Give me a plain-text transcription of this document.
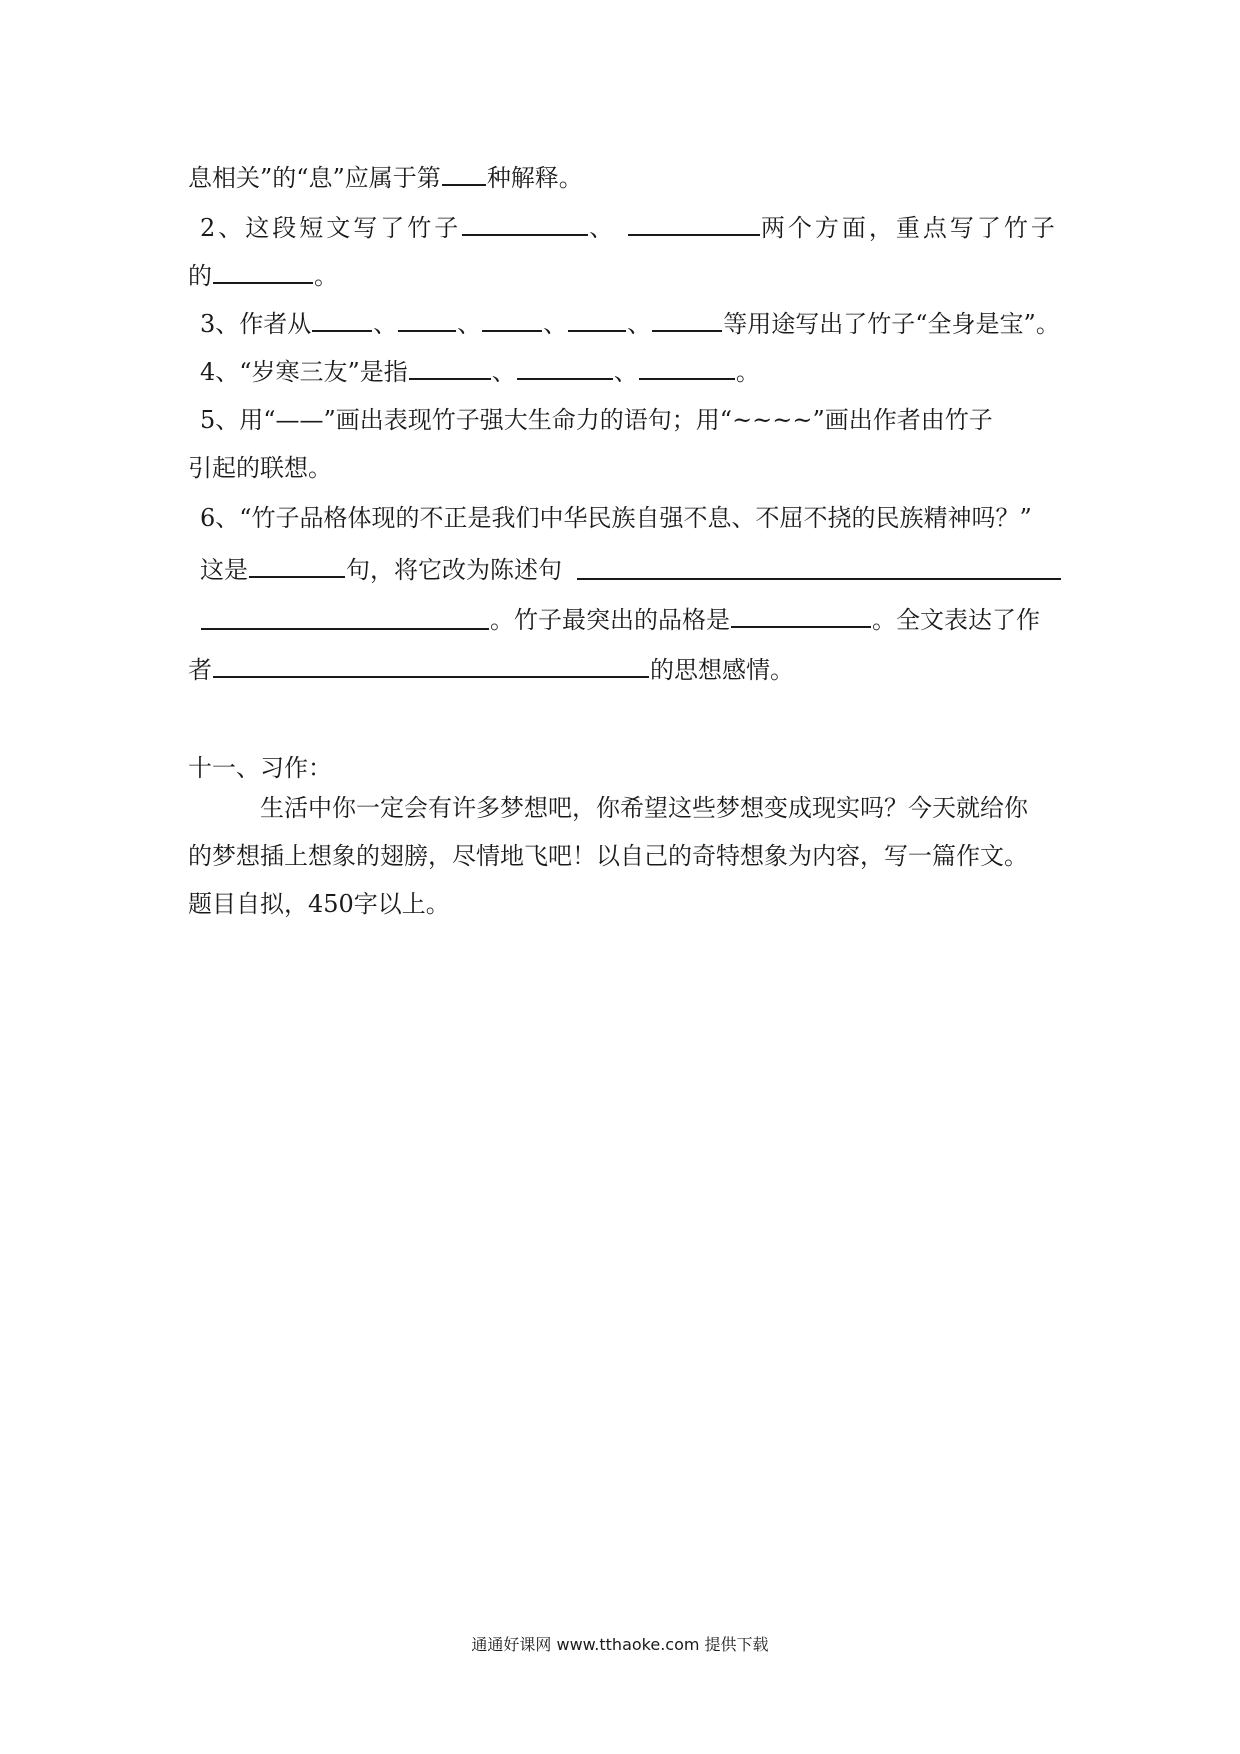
息相关”的“息”应属于第 种解释。
2、这段短文写了竹子	、	两个方面，重点写了竹子
的	。
3、作者从	、	、	、	、	等用途写出了竹子“全身是宝”。
4、“岁寒三友”是指	、	、	。
5、用“——”画出表现竹子强大生命力的语句；用“~~~~”画出作者由竹子
引起的联想。
6、“竹子品格体现的不正是我们中华民族自强不息、不屈不挠的民族精神吗？”
这是	句，将它改为陈述句
。竹子最突出的品格是	。全文表达了作
者	的思想感情。
十一、习作：
生活中你一定会有许多梦想吧，你希望这些梦想变成现实吗？今天就给你
的梦想插上想象的翅膀，尽情地飞吧！以自己的奇特想象为内容，写一篇作文。
题目自拟，450字以上。
通通好课网 www.tthaoke.com 提供下载
